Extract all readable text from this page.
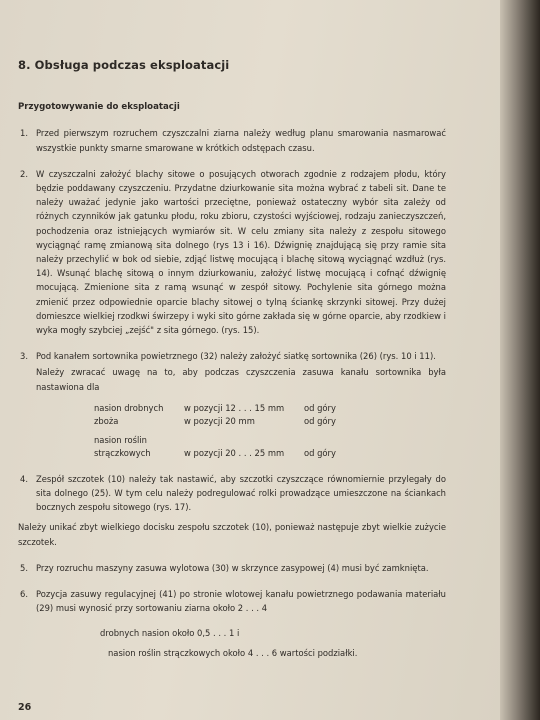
8. Obsługa podczas eksploatacji
Przygotowywanie do eksploatacji
1. Przed pierwszym rozruchem czyszczalni ziarna należy według planu smarowania nasmarować wszystkie punkty smarne smarowane w krótkich odstępach czasu.

2. W czyszczalni założyć blachy sitowe o posujących otworach zgodnie z rodzajem płodu, który będzie poddawany czyszczeniu. Przydatne dziurkowanie sita można wybrać z tabeli sit. Dane te należy uważać jedynie jako wartości przeciętne, ponieważ ostateczny wybór sita zależy od różnych czynników jak gatunku płodu, roku zbioru, czystości wyjściowej, rodzaju zanieczyszczeń, pochodzenia oraz istniejących wymiarów sit. W celu zmiany sita należy z zespołu sitowego wyciągnąć ramę zmianową sita dolnego (rys 13 i 16). Dźwignię znajdującą się przy ramie sita należy przechylić w bok od siebie, zdjąć listwę mocującą i blachę sitową wyciągnąć wzdłuż (rys. 14). Wsunąć blachę sitową o innym dziurkowaniu, założyć listwę mocującą i cofnąć dźwignię mocującą. Zmienione sita z ramą wsunąć w zespół sitowy. Pochylenie sita górnego można zmienić przez odpowiednie oparcie blachy sitowej o tylną ściankę skrzynki sitowej. Przy dużej domieszce wielkiej rzodkwi świrzepy i wyki sito górne zakłada się w górne oparcie, aby rzodkiew i wyka mogły szybciej „zejść" z sita górnego. (rys. 15).

3. Pod kanałem sortownika powietrznego (32) należy założyć siatkę sortownika (26) (rys. 10 i 11).

Należy zwracać uwagę na to, aby podczas czyszczenia zasuwa kanału sortownika była nastawiona dla

nasion drobnych	w pozycji 12 . . . 15 mm	od góry
zboża	w pozycji 20 mm	od góry
nasion roślin
strączkowych	w pozycji 20 . . . 25 mm	od góry
4. Zespół szczotek (10) należy tak nastawić, aby szczotki czyszczące równomiernie przylegały do sita dolnego (25). W tym celu należy podregulować rolki prowadzące umieszczone na ściankach bocznych zespołu sitowego (rys. 17).

Należy unikać zbyt wielkiego docisku zespołu szczotek (10), ponieważ następuje zbyt wielkie zużycie szczotek.

5. Przy rozruchu maszyny zasuwa wylotowa (30) w skrzynce zasypowej (4) musi być zamknięta.

6. Pozycja zasuwy regulacyjnej (41) po stronie wlotowej kanału powietrznego podawania materiału (29) musi wynosić przy sortowaniu ziarna około 2 . . . 4

drobnych nasion około 0,5 . . . 1 i
nasion roślin strączkowych około 4 . . . 6 wartości podziałki.
26
